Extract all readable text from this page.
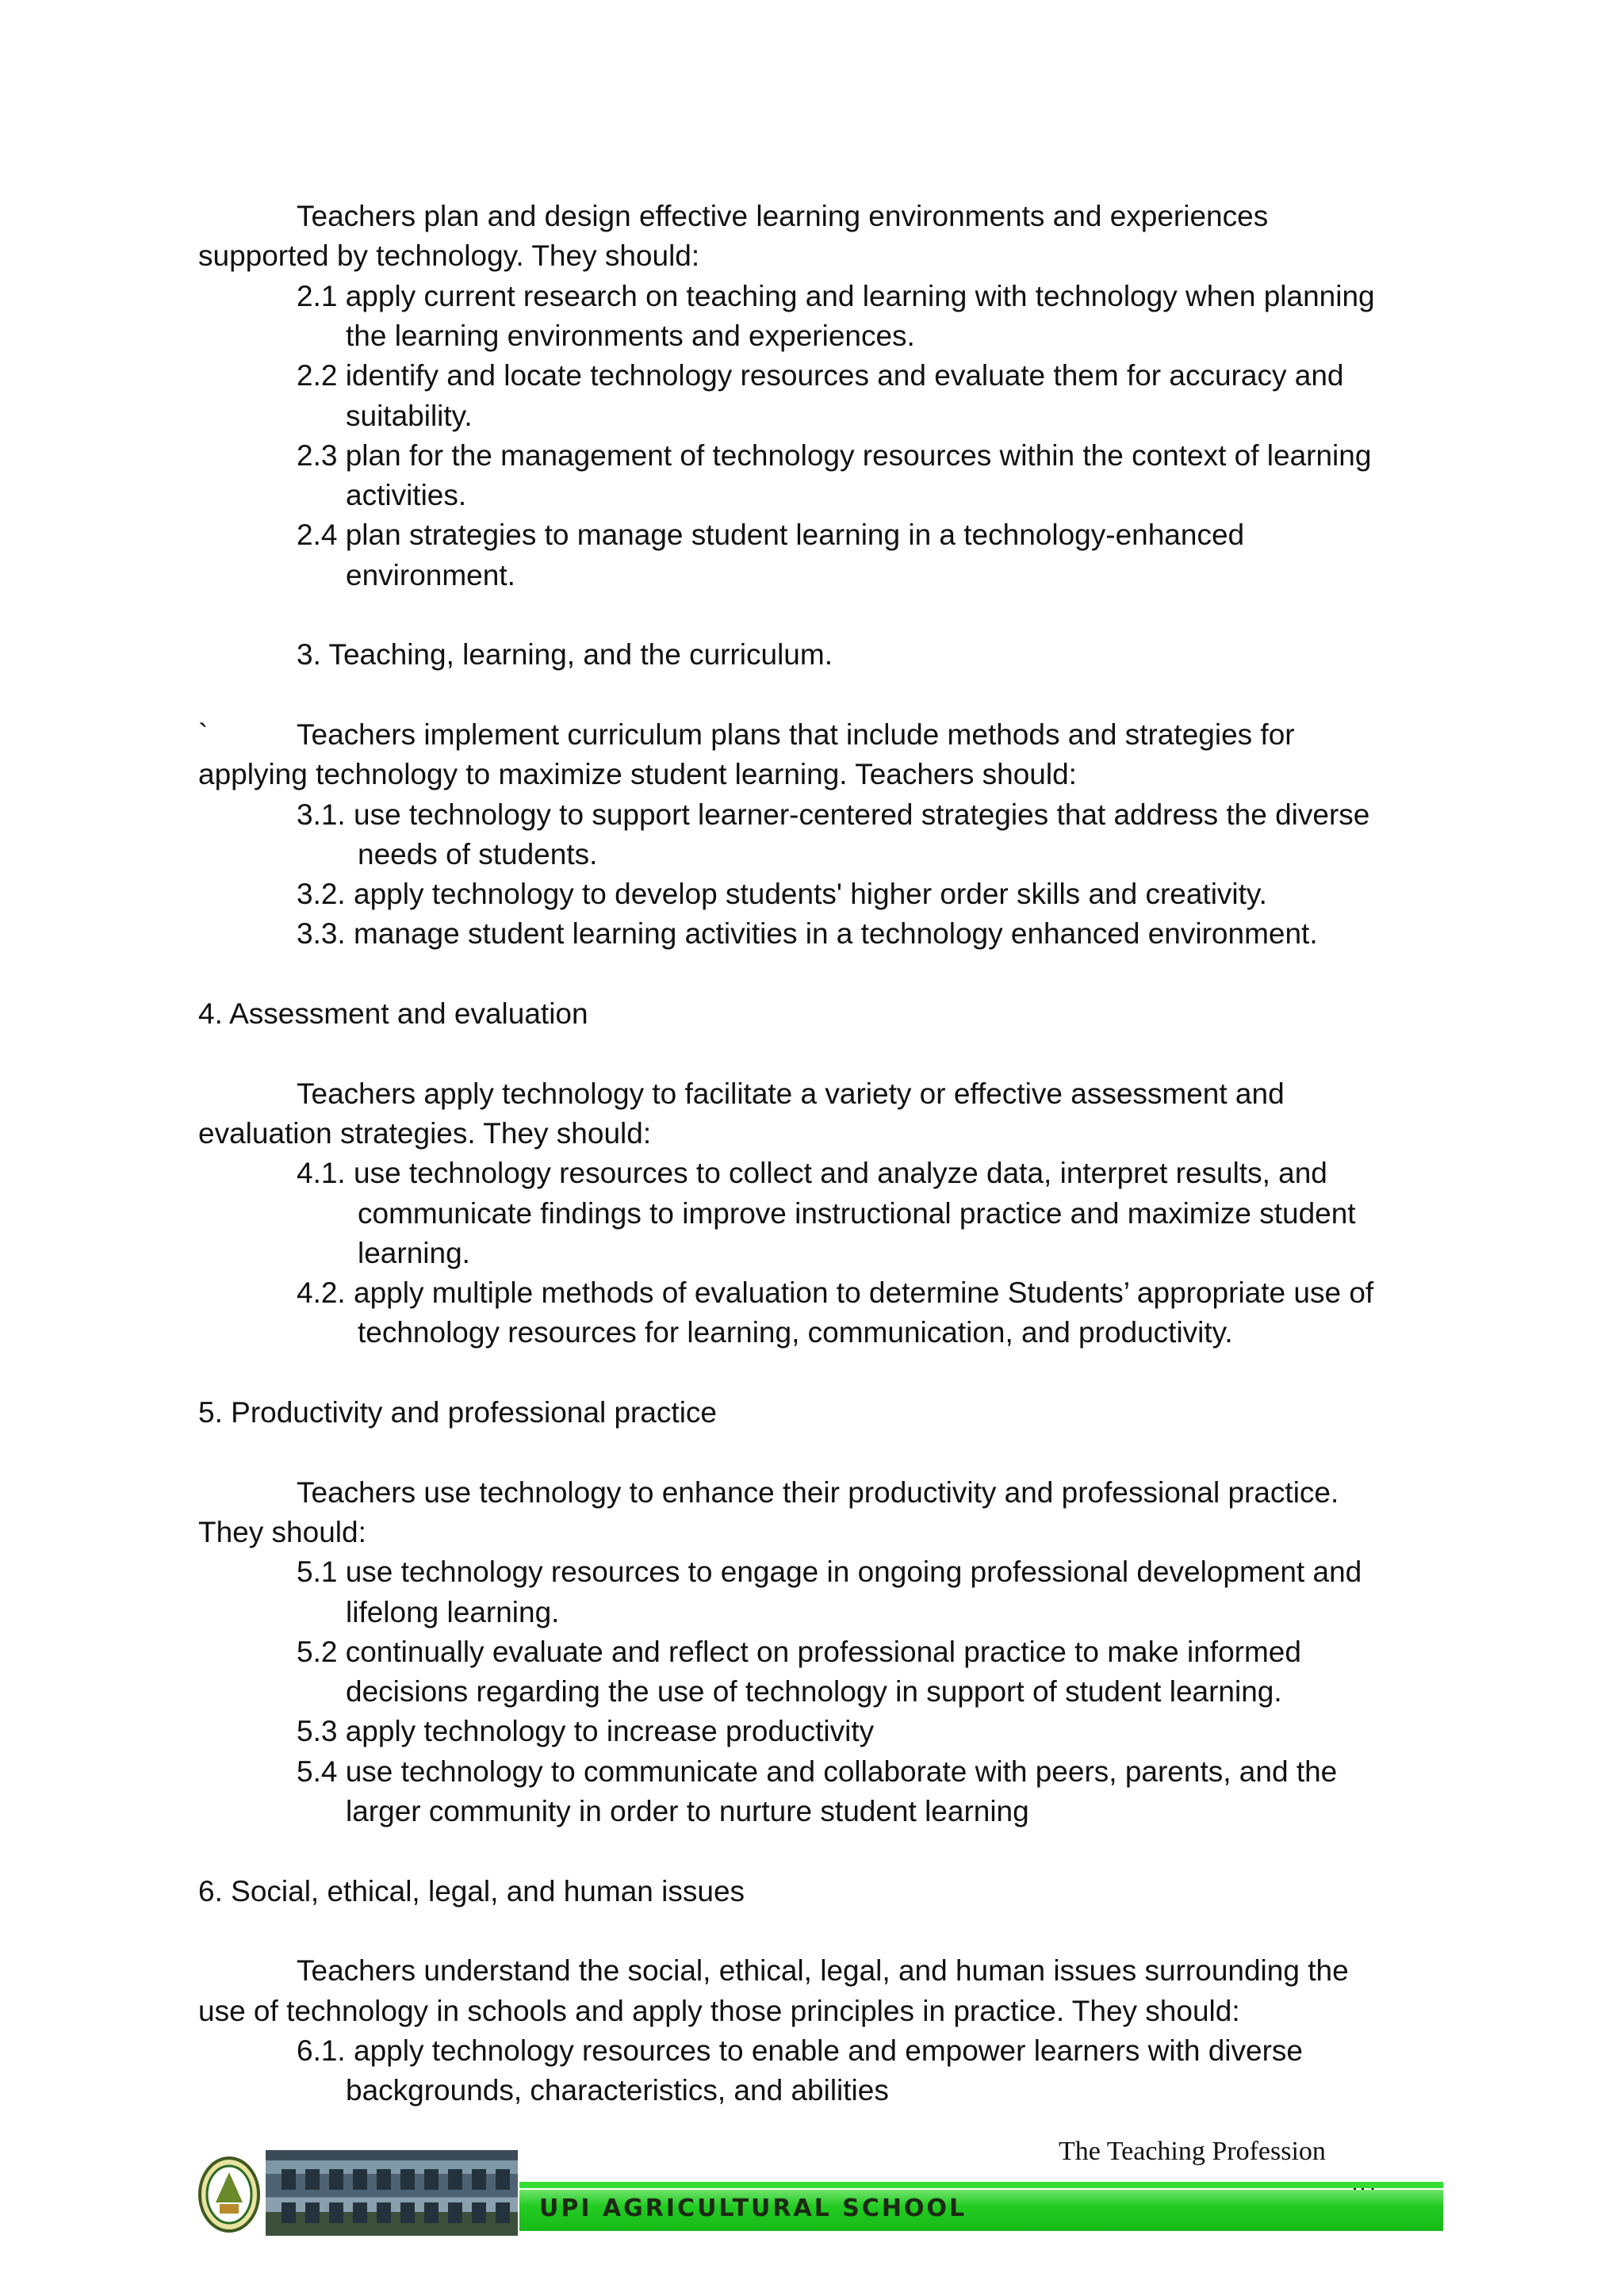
Teachers plan and design effective learning environments and experiences
supported by technology. They should:
2.1 apply current research on teaching and learning with technology when planning
the learning environments and experiences.
2.2 identify and locate technology resources and evaluate them for accuracy and
suitability.
2.3 plan for the management of technology resources within the context of learning
activities.
2.4 plan strategies to manage student learning in a technology-enhanced
environment.
3. Teaching, learning, and the curriculum.
`	Teachers implement curriculum plans that include methods and strategies for
applying technology to maximize student learning. Teachers should:
3.1. use technology to support learner-centered strategies that address the diverse
needs of students.
3.2. apply technology to develop students' higher order skills and creativity.
3.3. manage student learning activities in a technology enhanced environment.
4. Assessment and evaluation
Teachers apply technology to facilitate a variety or effective assessment and
evaluation strategies. They should:
4.1. use technology resources to collect and analyze data, interpret results, and
communicate findings to improve instructional practice and maximize student
learning.
4.2. apply multiple methods of evaluation to determine Students’ appropriate use of
technology resources for learning, communication, and productivity.
5. Productivity and professional practice
Teachers use technology to enhance their productivity and professional practice.
They should:
5.1 use technology resources to engage in ongoing professional development and
lifelong learning.
5.2 continually evaluate and reflect on professional practice to make informed
decisions regarding the use of technology in support of student learning.
5.3 apply technology to increase productivity
5.4 use technology to communicate and collaborate with peers, parents, and the
larger community in order to nurture student learning
6. Social, ethical, legal, and human issues
Teachers understand the social, ethical, legal, and human issues surrounding the
use of technology in schools and apply those principles in practice. They should:
6.1. apply technology resources to enable and empower learners with diverse
backgrounds, characteristics, and abilities
The Teaching Profession
UPI AGRICULTURAL SCHOOL
